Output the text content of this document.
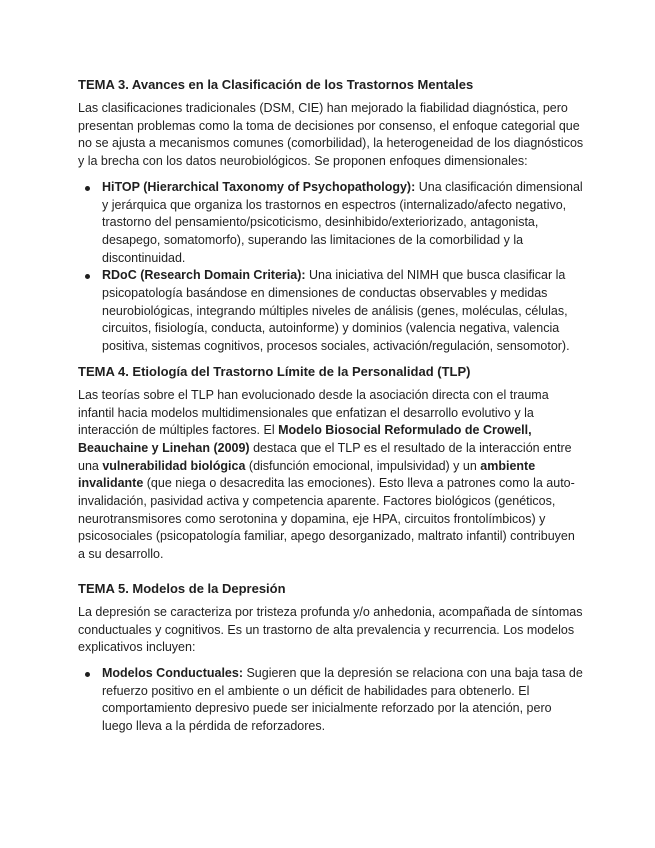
TEMA 3. Avances en la Clasificación de los Trastornos Mentales

Las clasificaciones tradicionales (DSM, CIE) han mejorado la fiabilidad diagnóstica, pero presentan problemas como la toma de decisiones por consenso, el enfoque categorial que no se ajusta a mecanismos comunes (comorbilidad), la heterogeneidad de los diagnósticos y la brecha con los datos neurobiológicos. Se proponen enfoques dimensionales:

HiTOP (Hierarchical Taxonomy of Psychopathology): Una clasificación dimensional y jerárquica que organiza los trastornos en espectros (internalizado/afecto negativo, trastorno del pensamiento/psicoticismo, desinhibido/exteriorizado, antagonista, desapego, somatomorfo), superando las limitaciones de la comorbilidad y la discontinuidad.
RDoC (Research Domain Criteria): Una iniciativa del NIMH que busca clasificar la psicopatología basándose en dimensiones de conductas observables y medidas neurobiológicas, integrando múltiples niveles de análisis (genes, moléculas, células, circuitos, fisiología, conducta, autoinforme) y dominios (valencia negativa, valencia positiva, sistemas cognitivos, procesos sociales, activación/regulación, sensomotor).
TEMA 4. Etiología del Trastorno Límite de la Personalidad (TLP)

Las teorías sobre el TLP han evolucionado desde la asociación directa con el trauma infantil hacia modelos multidimensionales que enfatizan el desarrollo evolutivo y la interacción de múltiples factores. El Modelo Biosocial Reformulado de Crowell, Beauchaine y Linehan (2009) destaca que el TLP es el resultado de la interacción entre una vulnerabilidad biológica (disfunción emocional, impulsividad) y un ambiente invalidante (que niega o desacredita las emociones). Esto lleva a patrones como la auto-invalidación, pasividad activa y competencia aparente. Factores biológicos (genéticos, neurotransmisores como serotonina y dopamina, eje HPA, circuitos frontolímbicos) y psicosociales (psicopatología familiar, apego desorganizado, maltrato infantil) contribuyen a su desarrollo.

TEMA 5. Modelos de la Depresión

La depresión se caracteriza por tristeza profunda y/o anhedonia, acompañada de síntomas conductuales y cognitivos. Es un trastorno de alta prevalencia y recurrencia. Los modelos explicativos incluyen:

Modelos Conductuales: Sugieren que la depresión se relaciona con una baja tasa de refuerzo positivo en el ambiente o un déficit de habilidades para obtenerlo. El comportamiento depresivo puede ser inicialmente reforzado por la atención, pero luego lleva a la pérdida de reforzadores.
